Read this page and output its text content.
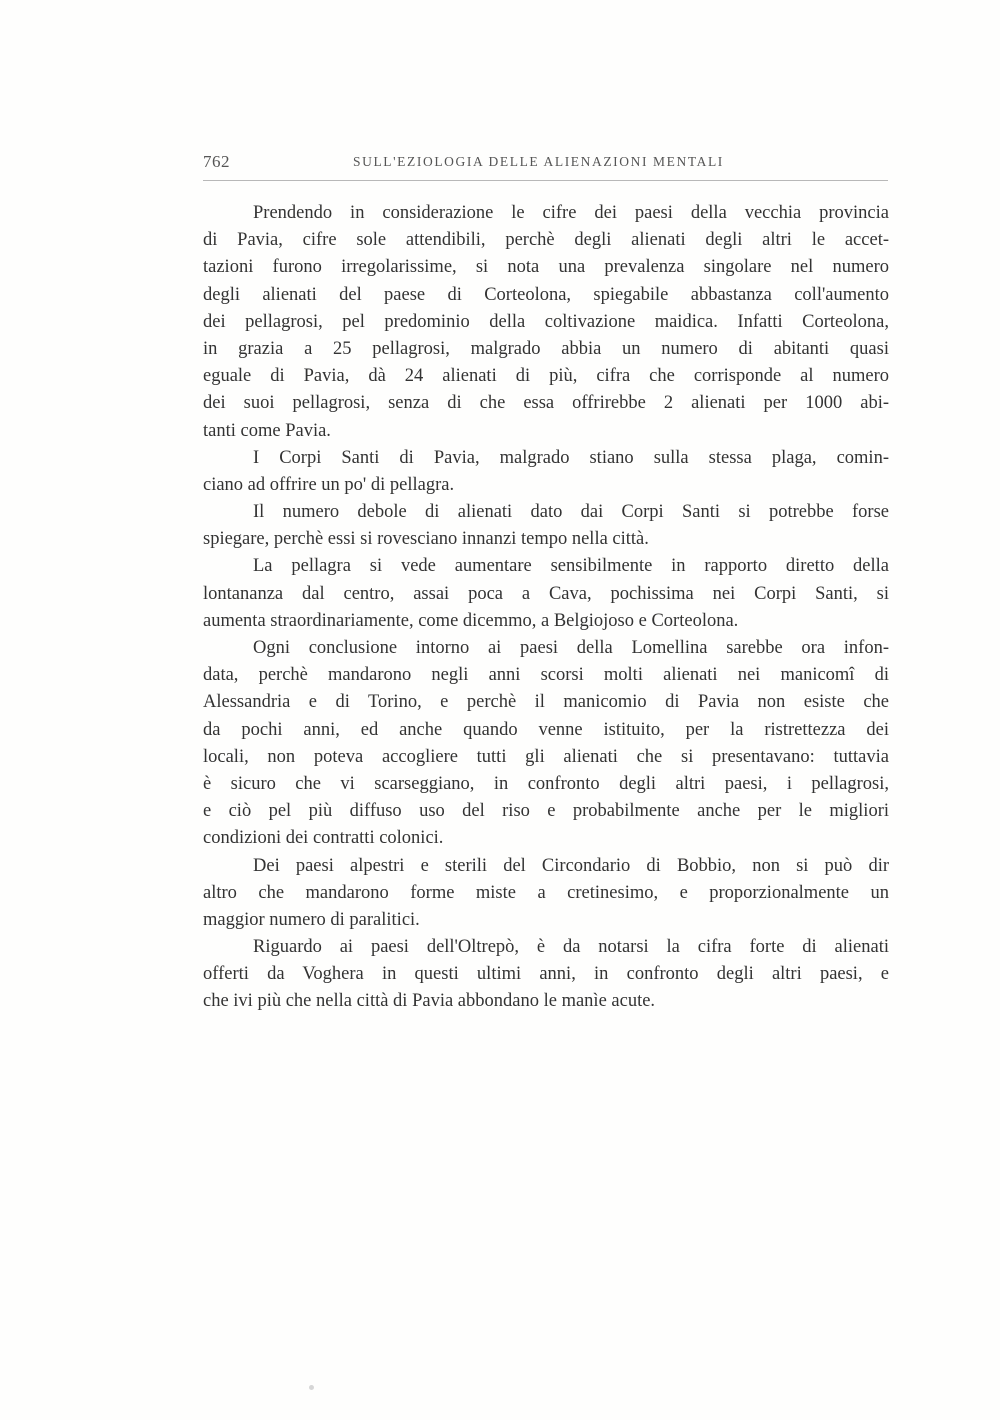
762	SULL'EZIOLOGIA DELLE ALIENAZIONI MENTALI
Prendendo in considerazione le cifre dei paesi della vecchia provincia
di Pavia, cifre sole attendibili, perchè degli alienati degli altri le accet-
tazioni furono irregolarissime, si nota una prevalenza singolare nel numero
degli alienati del paese di Corteolona, spiegabile abbastanza coll'aumento
dei pellagrosi, pel predominio della coltivazione maidica. Infatti Corteolona,
in grazia a 25 pellagrosi, malgrado abbia un numero di abitanti quasi
eguale di Pavia, dà 24 alienati di più, cifra che corrisponde al numero
dei suoi pellagrosi, senza di che essa offrirebbe 2 alienati per 1000 abi-
tanti come Pavia.
I Corpi Santi di Pavia, malgrado stiano sulla stessa plaga, comin-
ciano ad offrire un po' di pellagra.
Il numero debole di alienati dato dai Corpi Santi si potrebbe forse
spiegare, perchè essi si rovesciano innanzi tempo nella città.
La pellagra si vede aumentare sensibilmente in rapporto diretto della
lontananza dal centro, assai poca a Cava, pochissima nei Corpi Santi, si
aumenta straordinariamente, come dicemmo, a Belgiojoso e Corteolona.
Ogni conclusione intorno ai paesi della Lomellina sarebbe ora infon-
data, perchè mandarono negli anni scorsi molti alienati nei manicomî di
Alessandria e di Torino, e perchè il manicomio di Pavia non esiste che
da pochi anni, ed anche quando venne istituito, per la ristrettezza dei
locali, non poteva accogliere tutti gli alienati che si presentavano: tuttavia
è sicuro che vi scarseggiano, in confronto degli altri paesi, i pellagrosi,
e ciò pel più diffuso uso del riso e probabilmente anche per le migliori
condizioni dei contratti colonici.
Dei paesi alpestri e sterili del Circondario di Bobbio, non si può dir
altro che mandarono forme miste a cretinesimo, e proporzionalmente un
maggior numero di paralitici.
Riguardo ai paesi dell'Oltrepò, è da notarsi la cifra forte di alienati
offerti da Voghera in questi ultimi anni, in confronto degli altri paesi, e
che ivi più che nella città di Pavia abbondano le manìe acute.
